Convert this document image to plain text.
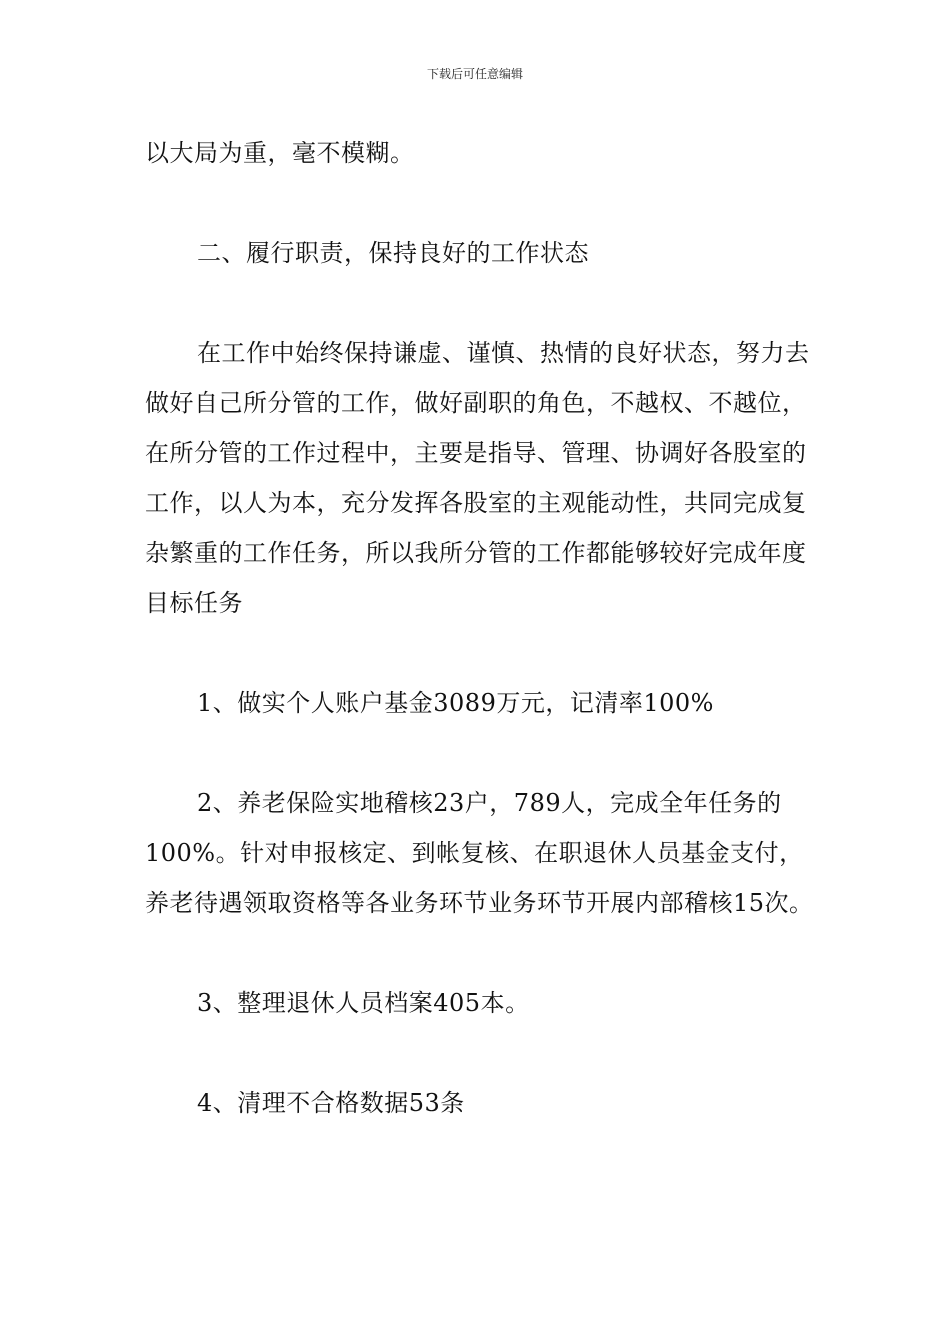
下载后可任意编辑

以大局为重，毫不模糊。

二、履行职责，保持良好的工作状态

在工作中始终保持谦虚、谨慎、热情的良好状态，努力去做好自己所分管的工作，做好副职的角色，不越权、不越位，在所分管的工作过程中，主要是指导、管理、协调好各股室的工作，以人为本，充分发挥各股室的主观能动性，共同完成复杂繁重的工作任务，所以我所分管的工作都能够较好完成年度目标任务

1、做实个人账户基金3089万元，记清率100%

2、养老保险实地稽核23户，789人，完成全年任务的100%。针对申报核定、到帐复核、在职退休人员基金支付，养老待遇领取资格等各业务环节业务环节开展内部稽核15次。

3、整理退休人员档案405本。

4、清理不合格数据53条
